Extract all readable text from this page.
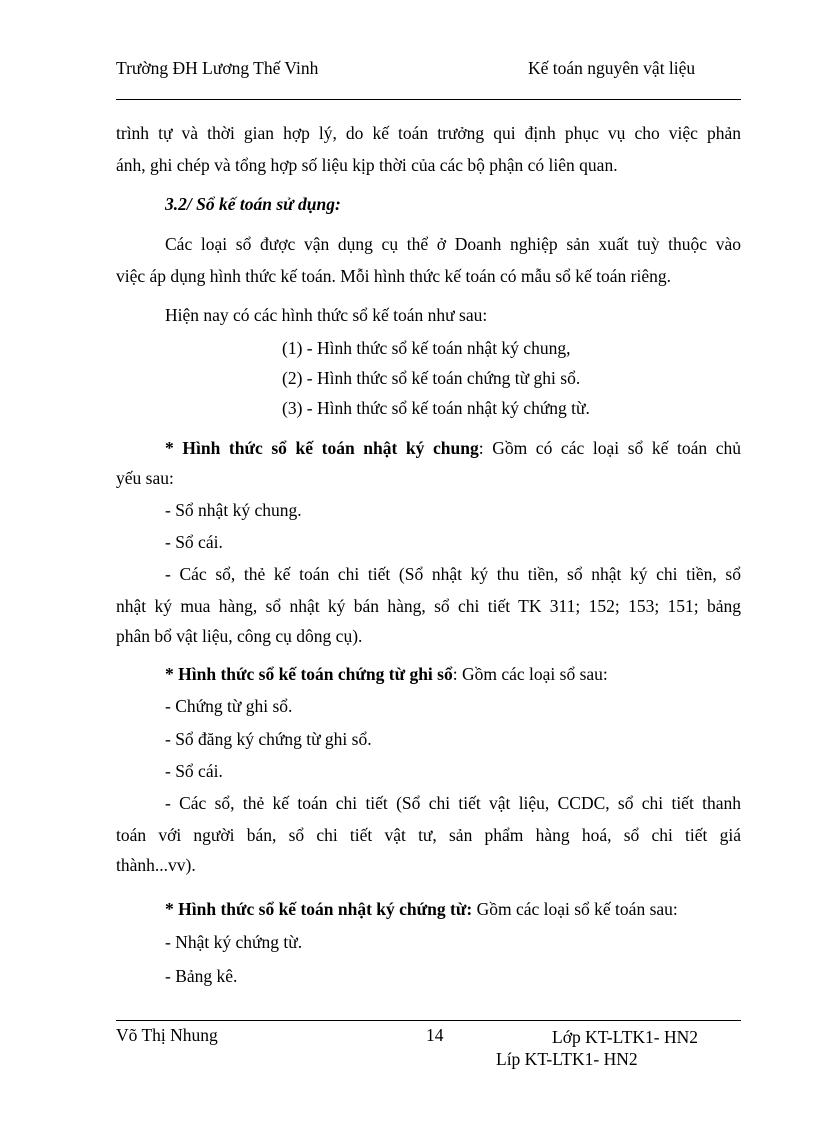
Trường ĐH Lương Thế Vinh	Kế toán nguyên vật liệu
trình tự và thời gian hợp lý, do kế toán trưởng qui định phục vụ cho việc phản
ánh, ghi chép và tổng hợp số liệu kịp thời của các bộ phận có liên quan.
3.2/ Sổ kế toán sử dụng:
Các loại sổ được vận dụng cụ thể ở Doanh nghiệp sản xuất tuỳ thuộc vào
việc áp dụng hình thức kế toán. Mỗi hình thức kế toán có mẫu sổ kế toán riêng.
Hiện nay có các hình thức sổ kế toán như sau:
(1) - Hình thức sổ kế toán nhật ký chung,
(2) - Hình thức sổ kế toán chứng từ ghi sổ.
(3) - Hình thức sổ kế toán nhật ký chứng từ.
* Hình thức sổ kế toán nhật ký chung: Gồm có các loại sổ kế toán chủ
yếu sau:
- Sổ nhật ký chung.
- Sổ cái.
- Các sổ, thẻ kế toán chi tiết (Sổ nhật ký thu tiền, sổ nhật ký chi tiền, sổ
nhật ký mua hàng, sổ nhật ký bán hàng, sổ chi tiết TK 311; 152; 153; 151; bảng
phân bổ vật liệu, công cụ dông cụ).
* Hình thức sổ kế toán chứng từ ghi sổ: Gồm các loại sổ sau:
- Chứng từ ghi sổ.
- Sổ đăng ký chứng từ ghi sổ.
- Sổ cái.
- Các sổ, thẻ kế toán chi tiết (Sổ chi tiết vật liệu, CCDC, sổ chi tiết thanh
toán với người bán, sổ chi tiết vật tư, sản phẩm hàng hoá, sổ chi tiết giá
thành...vv).
* Hình thức sổ kế toán nhật ký chứng từ: Gồm các loại sổ kế toán sau:
- Nhật ký chứng từ.
- Bảng kê.
Võ Thị Nhung	14	Lớp KT-LTK1- HN2
Líp KT-LTK1- HN2
